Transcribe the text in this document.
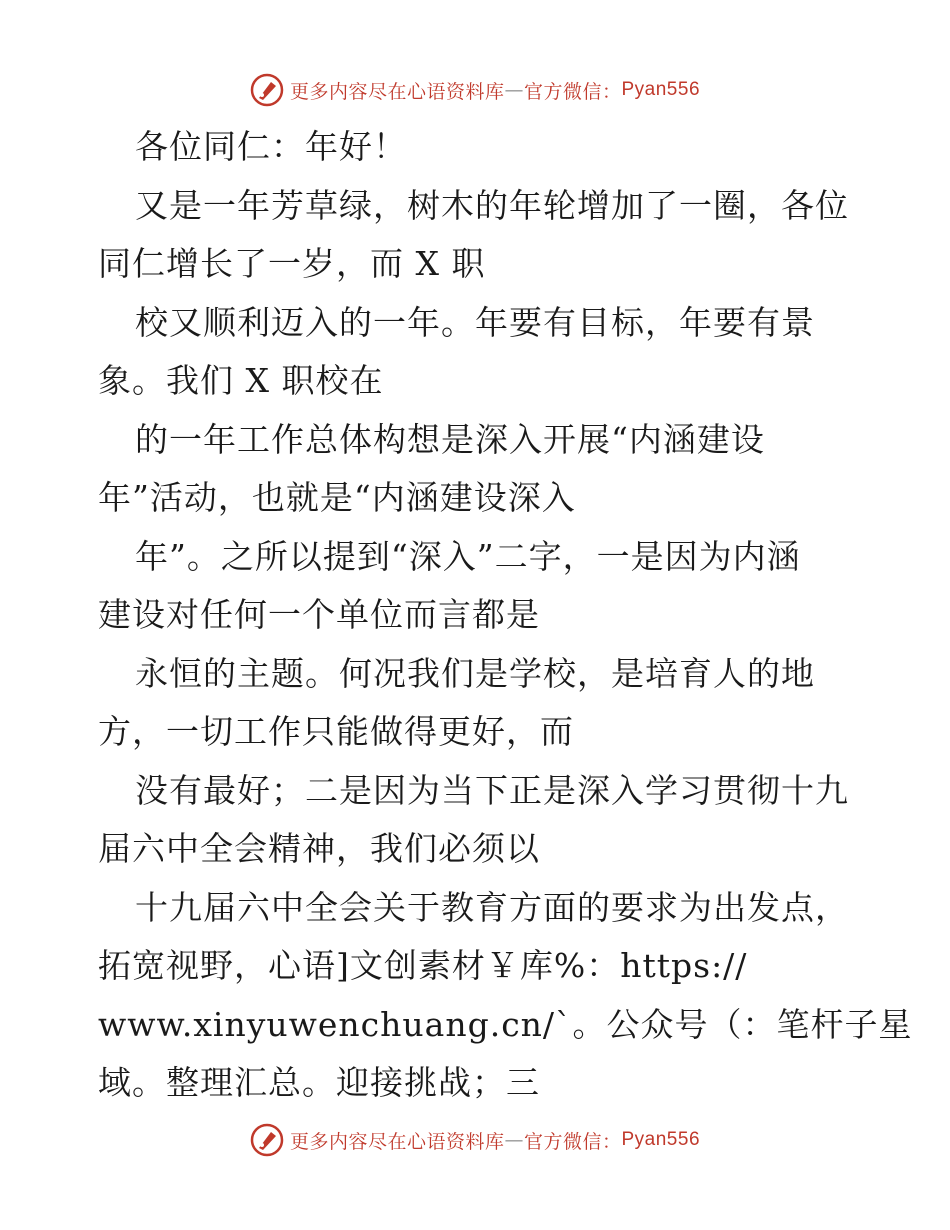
更多内容尽在心语资料库 — 官方微信： Pyan556
各位同仁：年好！
又是一年芳草绿，树木的年轮增加了一圈，各位
同仁增长了一岁，而 X 职
校又顺利迈入的一年。年要有目标，年要有景
象。我们 X 职校在
的一年工作总体构想是深入开展“内涵建设
年”活动，也就是“内涵建设深入
年”。之所以提到“深入”二字，一是因为内涵
建设对任何一个单位而言都是
永恒的主题。何况我们是学校，是培育人的地
方，一切工作只能做得更好，而
没有最好；二是因为当下正是深入学习贯彻十九
届六中全会精神，我们必须以
十九届六中全会关于教育方面的要求为出发点，
拓宽视野，心语]文创素材￥库%：https://
www.xinyuwenchuang.cn/`。公众号（：笔杆子星
域。整理汇总。迎接挑战；三
更多内容尽在心语资料库 — 官方微信： Pyan556
